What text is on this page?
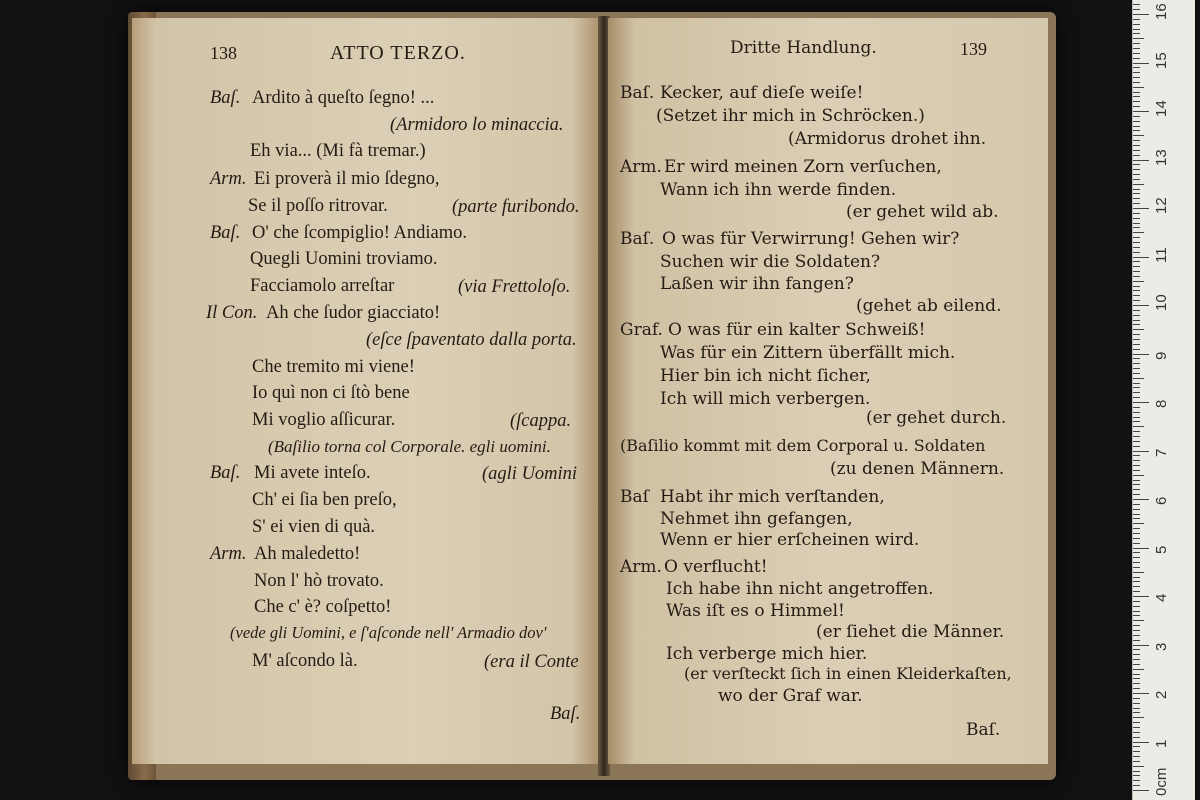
138	ATTO TERZO.
Baſ. Ardito à queſto ſegno! ...
(Armidoro lo minaccia.
Eh via... (Mi fà tremar.)
Arm. Ei proverà il mio ſdegno,
Se il poſſo ritrovar.	(parte furibondo.
Baſ. O' che ſcompiglio! Andiamo.
Quegli Uomini troviamo.
Facciamolo arreſtar	(via Frettoloſo.
Il Con. Ah che ſudor giacciato!
(eſce ſpaventato dalla porta.
Che tremito mi viene!
Io quì non ci ſtò bene
Mi voglio aſſicurar.	(ſcappa.
(Baſilio torna col Corporale. egli uomini.
Baſ. Mi avete inteſo.	(agli Uomini
Ch' ei ſia ben preſo,
S' ei vien di quà.
Arm. Ah maledetto!
Non l' hò trovato.
Che c' è? coſpetto!
(vede gli Uomini, e ſ'aſconde nell' Armadio dov'
M' aſcondo là.	(era il Conte
Baſ.
Dritte Handlung.	139
Baſ. Kecker, auf dieſe weiſe!
(Setzet ihr mich in Schröcken.)
(Armidorus drohet ihn.
Arm. Er wird meinen Zorn verſuchen,
Wann ich ihn werde finden.
(er gehet wild ab.
Baſ. O was für Verwirrung! Gehen wir?
Suchen wir die Soldaten?
Laßen wir ihn fangen?
(gehet ab eilend.
Graf. O was für ein kalter Schweiß!
Was für ein Zittern überfällt mich.
Hier bin ich nicht ſicher,
Ich will mich verbergen.
(er gehet durch.
(Baſilio kommt mit dem Corporal u. Soldaten
(zu denen Männern.
Baſ Habt ihr mich verſtanden,
Nehmet ihn gefangen,
Wenn er hier erſcheinen wird.
Arm. O verflucht!
Ich habe ihn nicht angetroffen.
Was iſt es o Himmel!
(er ſiehet die Männer.
Ich verberge mich hier.
(er verſteckt ſich in einen Kleiderkaſten,
wo der Graf war.
Baſ.
0cm
1
2
3
4
5
6
7
8
9
10
11
12
13
14
15
16
